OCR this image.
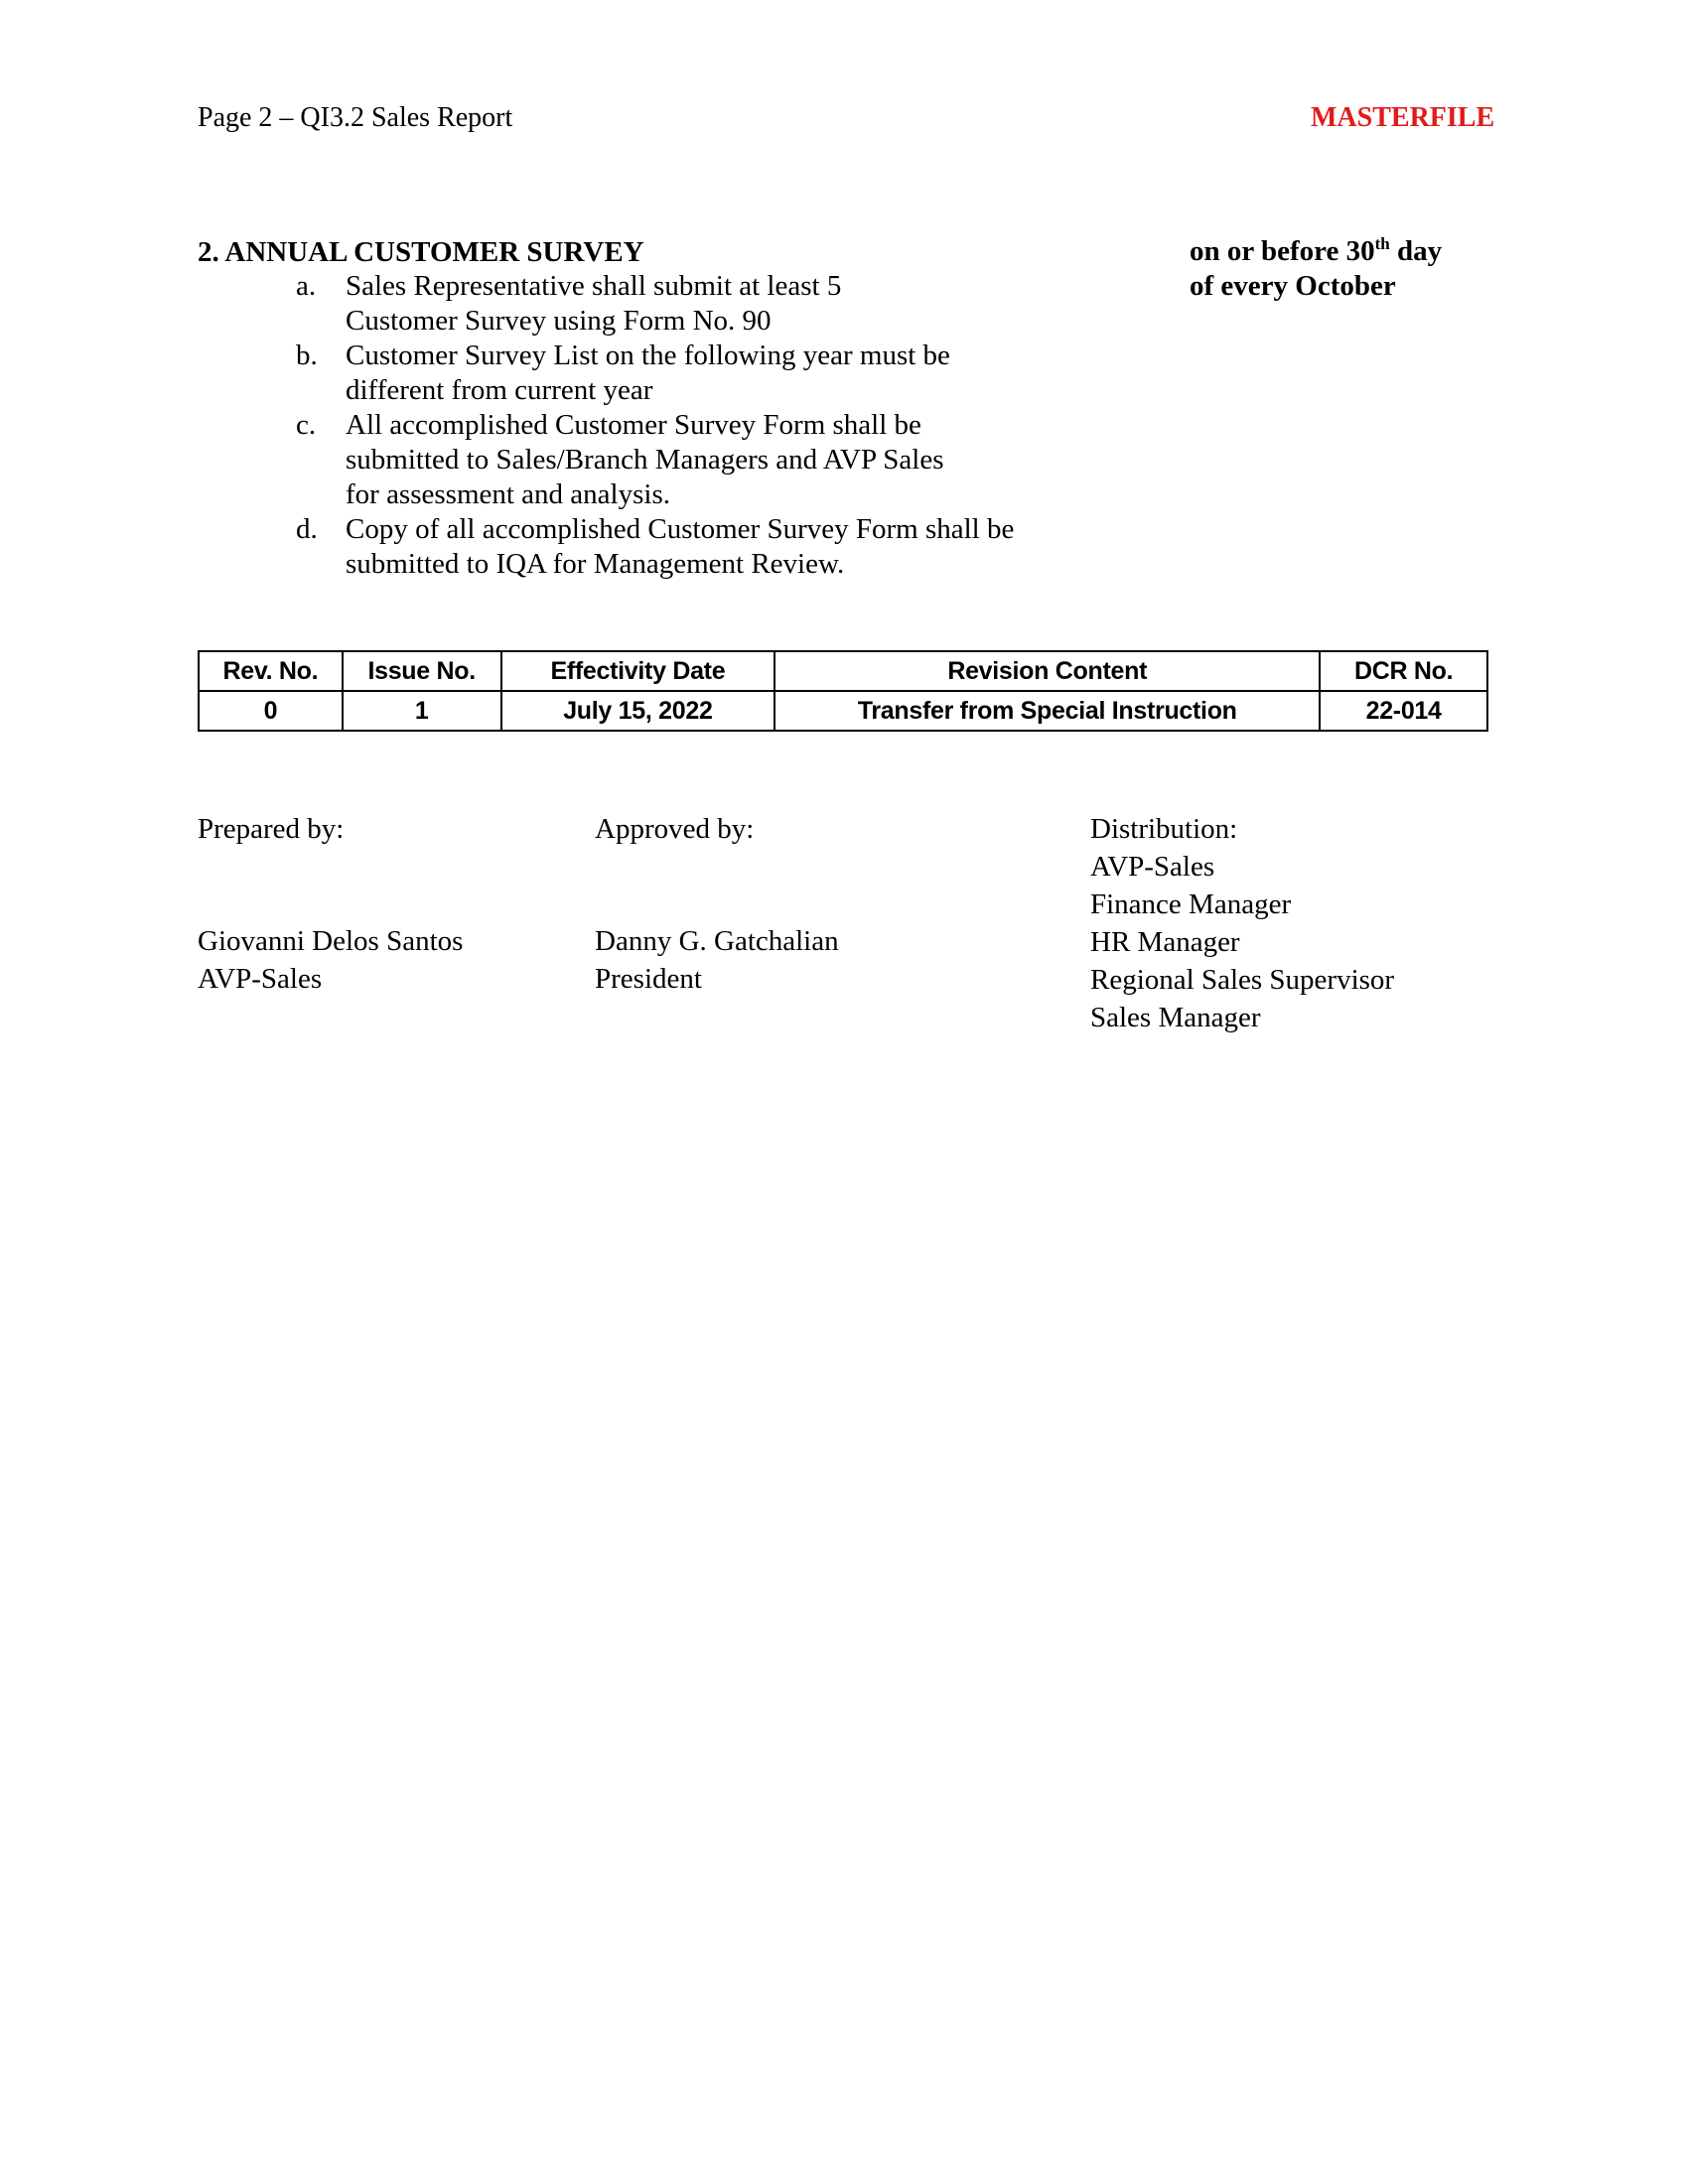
Page 2 – QI3.2 Sales Report	MASTERFILE
2. ANNUAL CUSTOMER SURVEY	on or before 30th day
of every October
a. Sales Representative shall submit at least 5
Customer Survey using Form No. 90
b. Customer Survey List on the following year must be
different from current year
c. All accomplished Customer Survey Form shall be
submitted to Sales/Branch Managers and AVP Sales
for assessment and analysis.
d. Copy of all accomplished Customer Survey Form shall be
submitted to IQA for Management Review.
Rev. No.	Issue No.	Effectivity Date	Revision Content	DCR No.
0	1	July 15, 2022	Transfer from Special Instruction	22-014
Prepared by:
Giovanni Delos Santos
AVP-Sales
Approved by:
Danny G. Gatchalian
President
Distribution:
AVP-Sales
Finance Manager
HR Manager
Regional Sales Supervisor
Sales Manager
